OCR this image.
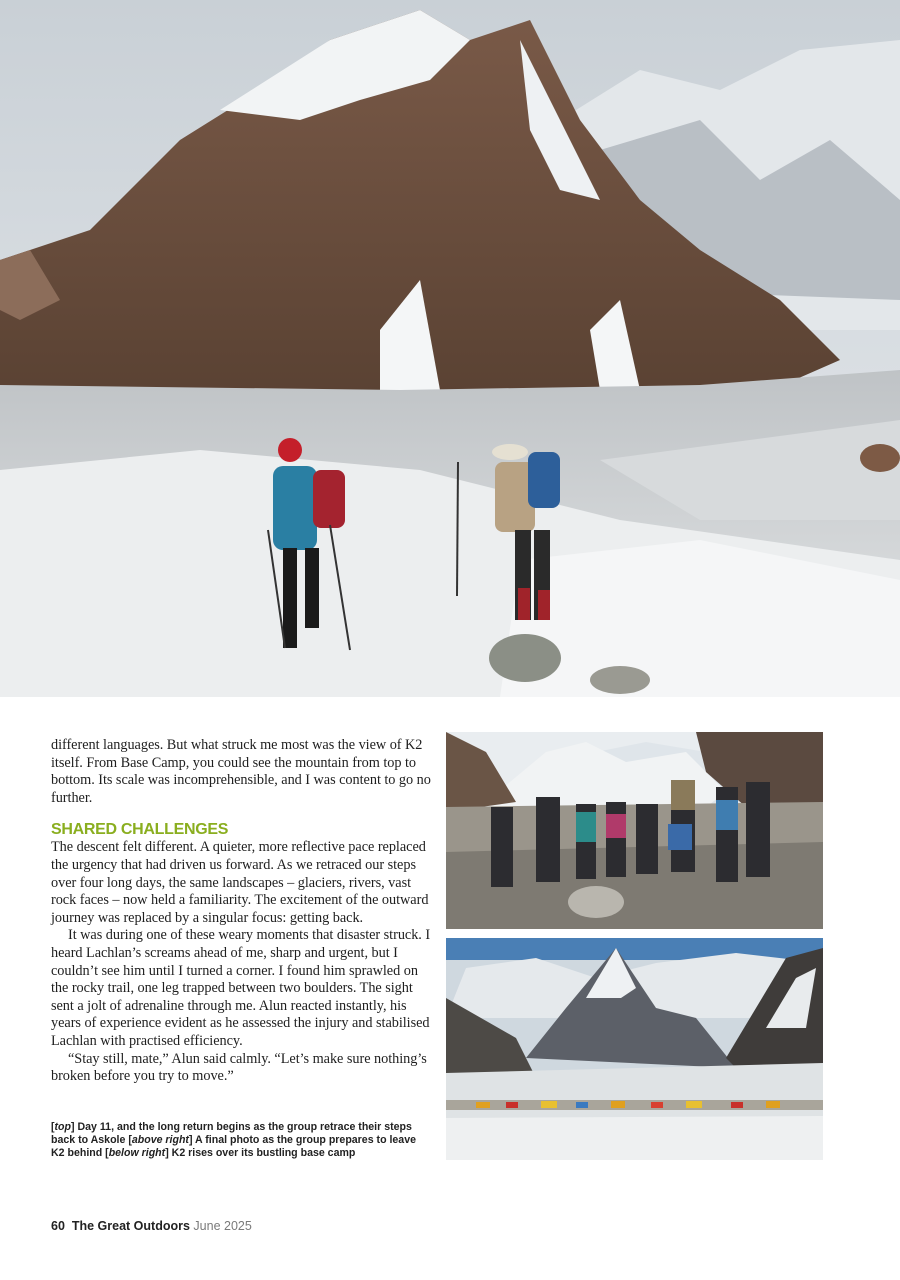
different languages. But what struck me most was the view of K2 itself. From Base Camp, you could see the mountain from top to bottom. Its scale was incomprehensible, and I was content to go no further.

SHARED CHALLENGES

The descent felt different. A quieter, more reflective pace replaced the urgency that had driven us forward. As we retraced our steps over four long days, the same landscapes – glaciers, rivers, vast rock faces – now held a familiarity. The excitement of the outward journey was replaced by a singular focus: getting back.

It was during one of these weary moments that disaster struck. I heard Lachlan’s screams ahead of me, sharp and urgent, but I couldn’t see him until I turned a corner. I found him sprawled on the rocky trail, one leg trapped between two boulders. The sight sent a jolt of adrenaline through me. Alun reacted instantly, his years of experience evident as he assessed the injury and stabilised Lachlan with practised efficiency.

“Stay still, mate,” Alun said calmly. “Let’s make sure nothing’s broken before you try to move.”

[top] Day 11, and the long return begins as the group retrace their steps back to Askole [above right] A final photo as the group prepares to leave K2 behind [below right] K2 rises over its bustling base camp
60 The Great Outdoors June 2025
